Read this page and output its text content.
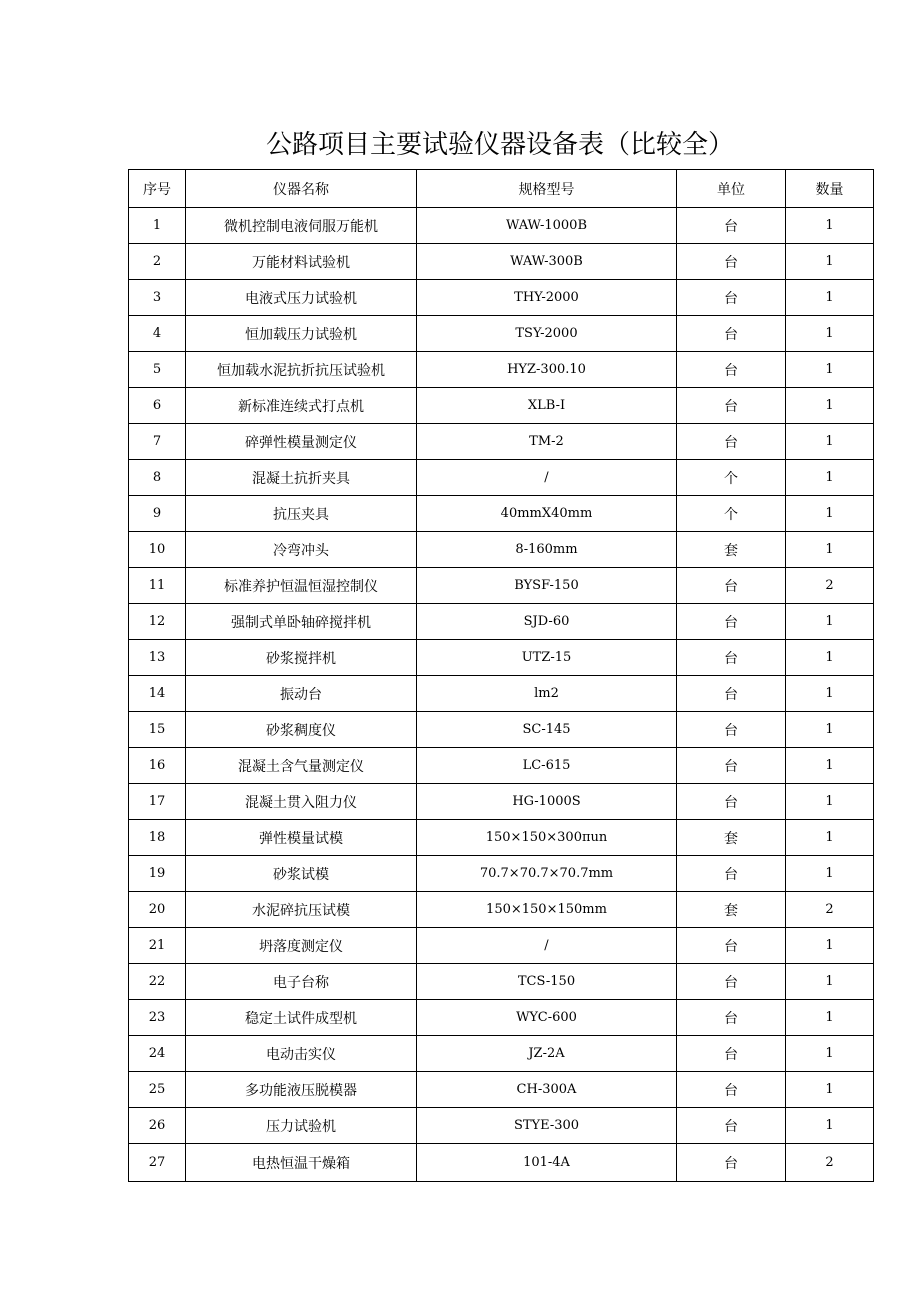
公路项目主要试验仪器设备表（比较全）
序号	仪器名称	规格型号	单位	数量
1	微机控制电液伺服万能机	WAW-1000B	台	1
2	万能材料试验机	WAW-300B	台	1
3	电液式压力试验机	THY-2000	台	1
4	恒加载压力试验机	TSY-2000	台	1
5	恒加载水泥抗折抗压试验机	HYZ-300.10	台	1
6	新标准连续式打点机	XLB-I	台	1
7	碎弹性模量测定仪	TM-2	台	1
8	混凝土抗折夹具	/	个	1
9	抗压夹具	40mmX40mm	个	1
10	冷弯冲头	8-160mm	套	1
11	标准养护恒温恒湿控制仪	BYSF-150	台	2
12	强制式单卧轴碎搅拌机	SJD-60	台	1
13	砂浆搅拌机	UTZ-15	台	1
14	振动台	lm2	台	1
15	砂浆稠度仪	SC-145	台	1
16	混凝土含气量测定仪	LC-615	台	1
17	混凝土贯入阻力仪	HG-1000S	台	1
18	弹性模量试模	150×150×300πun	套	1
19	砂浆试模	70.7×70.7×70.7mm	台	1
20	水泥碎抗压试模	150×150×150mm	套	2
21	坍落度测定仪	/	台	1
22	电子台称	TCS-150	台	1
23	稳定土试件成型机	WYC-600	台	1
24	电动击实仪	JZ-2A	台	1
25	多功能液压脱模器	CH-300A	台	1
26	压力试验机	STYE-300	台	1
27	电热恒温干燥箱	101-4A	台	2
